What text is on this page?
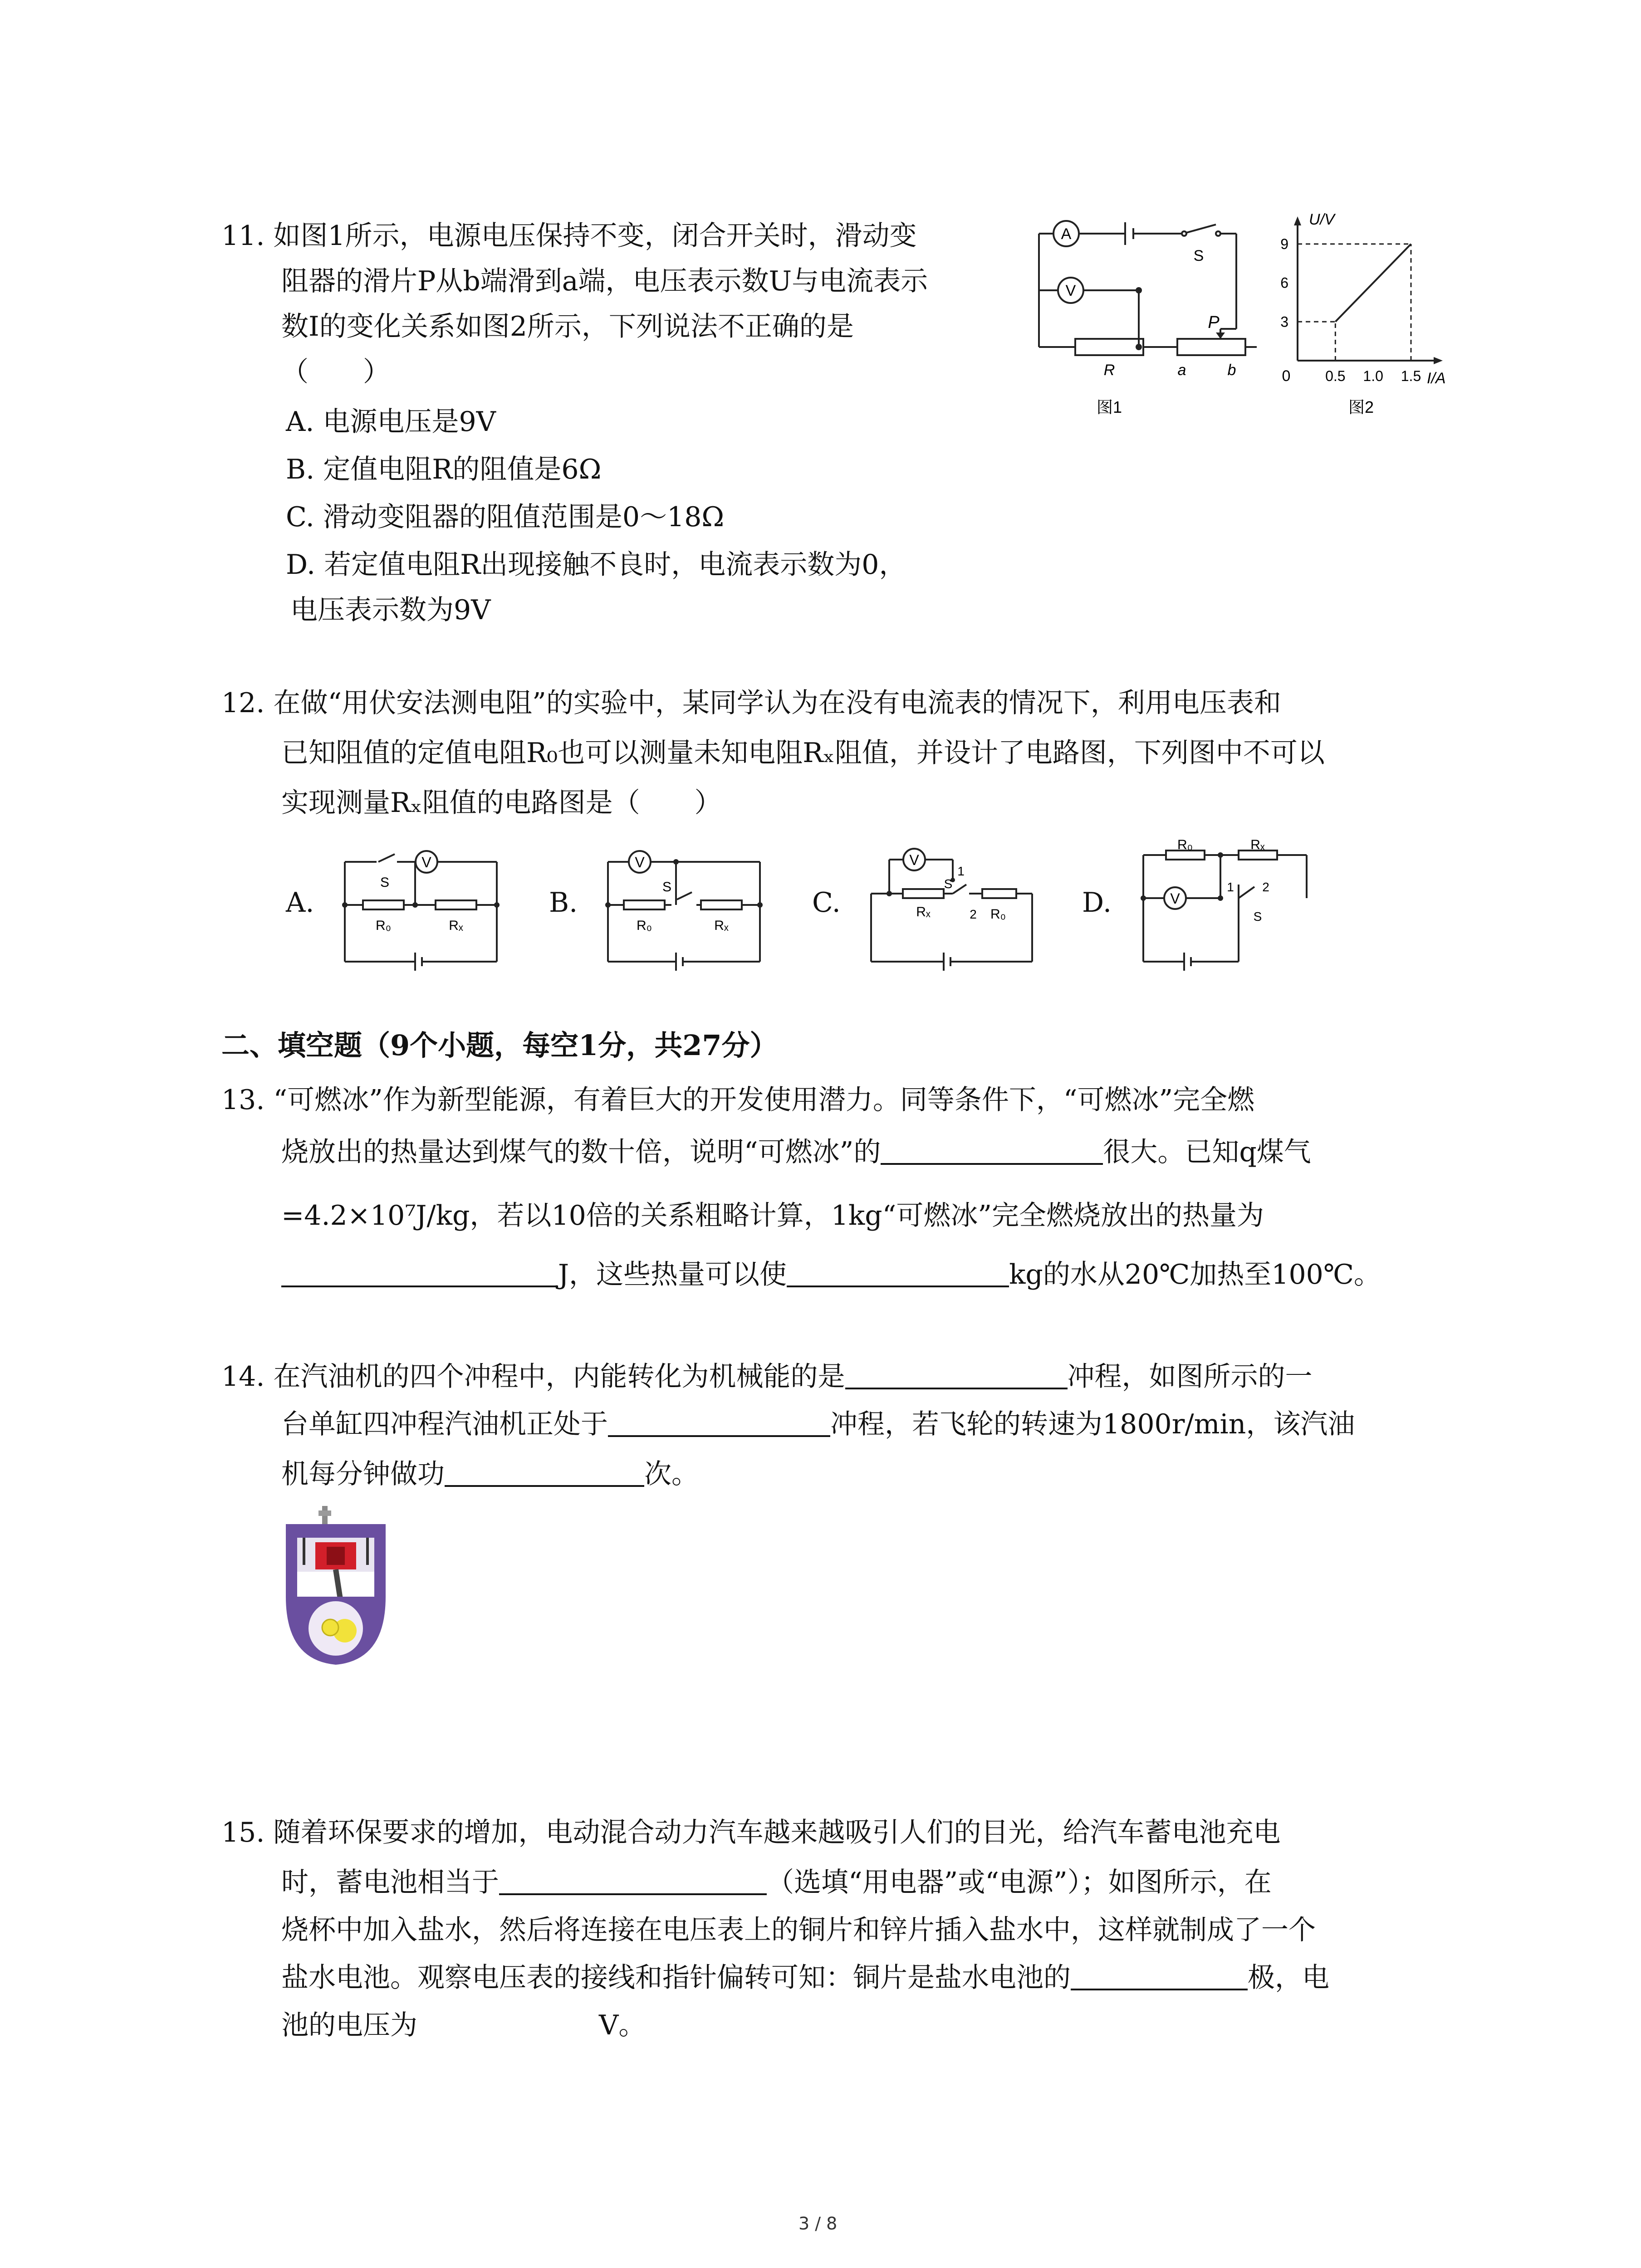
11. 如图1所示，电源电压保持不变，闭合开关时，滑动变
阻器的滑片P从b端滑到a端，电压表示数U与电流表示
数I的变化关系如图2所示，下列说法不正确的是
（　　）
A. 电源电压是9V
B. 定值电阻R的阻值是6Ω
C. 滑动变阻器的阻值范围是0～18Ω
D. 若定值电阻R出现接触不良时，电流表示数为0，
电压表示数为9V
A
V
S
R
P
a	b
图1
0.5 1.0 1.5
3
6
9
0
U/V
I/A
图2
12. 在做“用伏安法测电阻”的实验中，某同学认为在没有电流表的情况下，利用电压表和
已知阻值的定值电阻R₀也可以测量未知电阻Rₓ阻值，并设计了电路图，下列图中不可以
实现测量Rₓ阻值的电路图是（　　）
A.
V
S
R₀	Rₓ
B.
V
S
R₀	Rₓ
C.
V
S
1
2
Rₓ	R₀	D.	V
R₀	Rₓ
1 2
S
二、填空题（9个小题，每空1分，共27分）
13. “可燃冰”作为新型能源，有着巨大的开发使用潜力。同等条件下，“可燃冰”完全燃
烧放出的热量达到煤气的数十倍，说明“可燃冰”的	很大。已知q煤气
=4.2×10⁷J/kg，若以10倍的关系粗略计算，1kg“可燃冰”完全燃烧放出的热量为
J，这些热量可以使	kg的水从20℃加热至100℃。
14. 在汽油机的四个冲程中，内能转化为机械能的是	冲程，如图所示的一
台单缸四冲程汽油机正处于	冲程，若飞轮的转速为1800r/min，该汽油
机每分钟做功	次。
15. 随着环保要求的增加，电动混合动力汽车越来越吸引人们的目光，给汽车蓄电池充电
时，蓄电池相当于	（选填“用电器”或“电源”）；如图所示，在
烧杯中加入盐水，然后将连接在电压表上的铜片和锌片插入盐水中，这样就制成了一个
盐水电池。观察电压表的接线和指针偏转可知：铜片是盐水电池的	极，电
池的电压为	V。
3 / 8
